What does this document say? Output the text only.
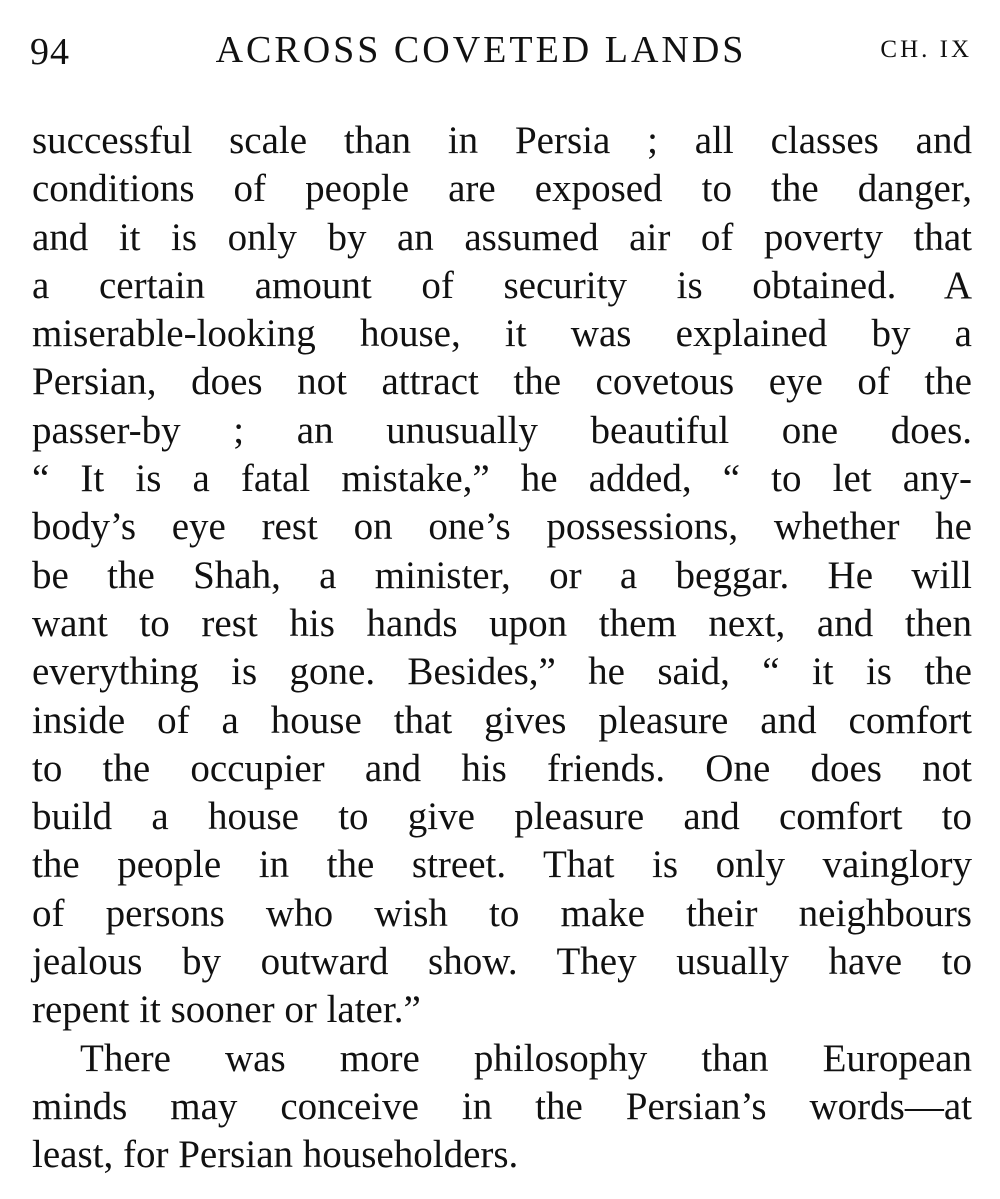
94	ACROSS COVETED LANDS	CH. IX
successful scale than in Persia ; all classes and
conditions of people are exposed to the danger,
and it is only by an assumed air of poverty that
a certain amount of security is obtained. A
miserable-looking house, it was explained by a
Persian, does not attract the covetous eye of the
passer-by ; an unusually beautiful one does.
“ It is a fatal mistake,” he added, “ to let any-
body’s eye rest on one’s possessions, whether he
be the Shah, a minister, or a beggar. He will
want to rest his hands upon them next, and then
everything is gone. Besides,” he said, “ it is the
inside of a house that gives pleasure and comfort
to the occupier and his friends. One does not
build a house to give pleasure and comfort to
the people in the street. That is only vainglory
of persons who wish to make their neighbours
jealous by outward show. They usually have to
repent it sooner or later.”
There was more philosophy than European
minds may conceive in the Persian’s words—at
least, for Persian householders.
